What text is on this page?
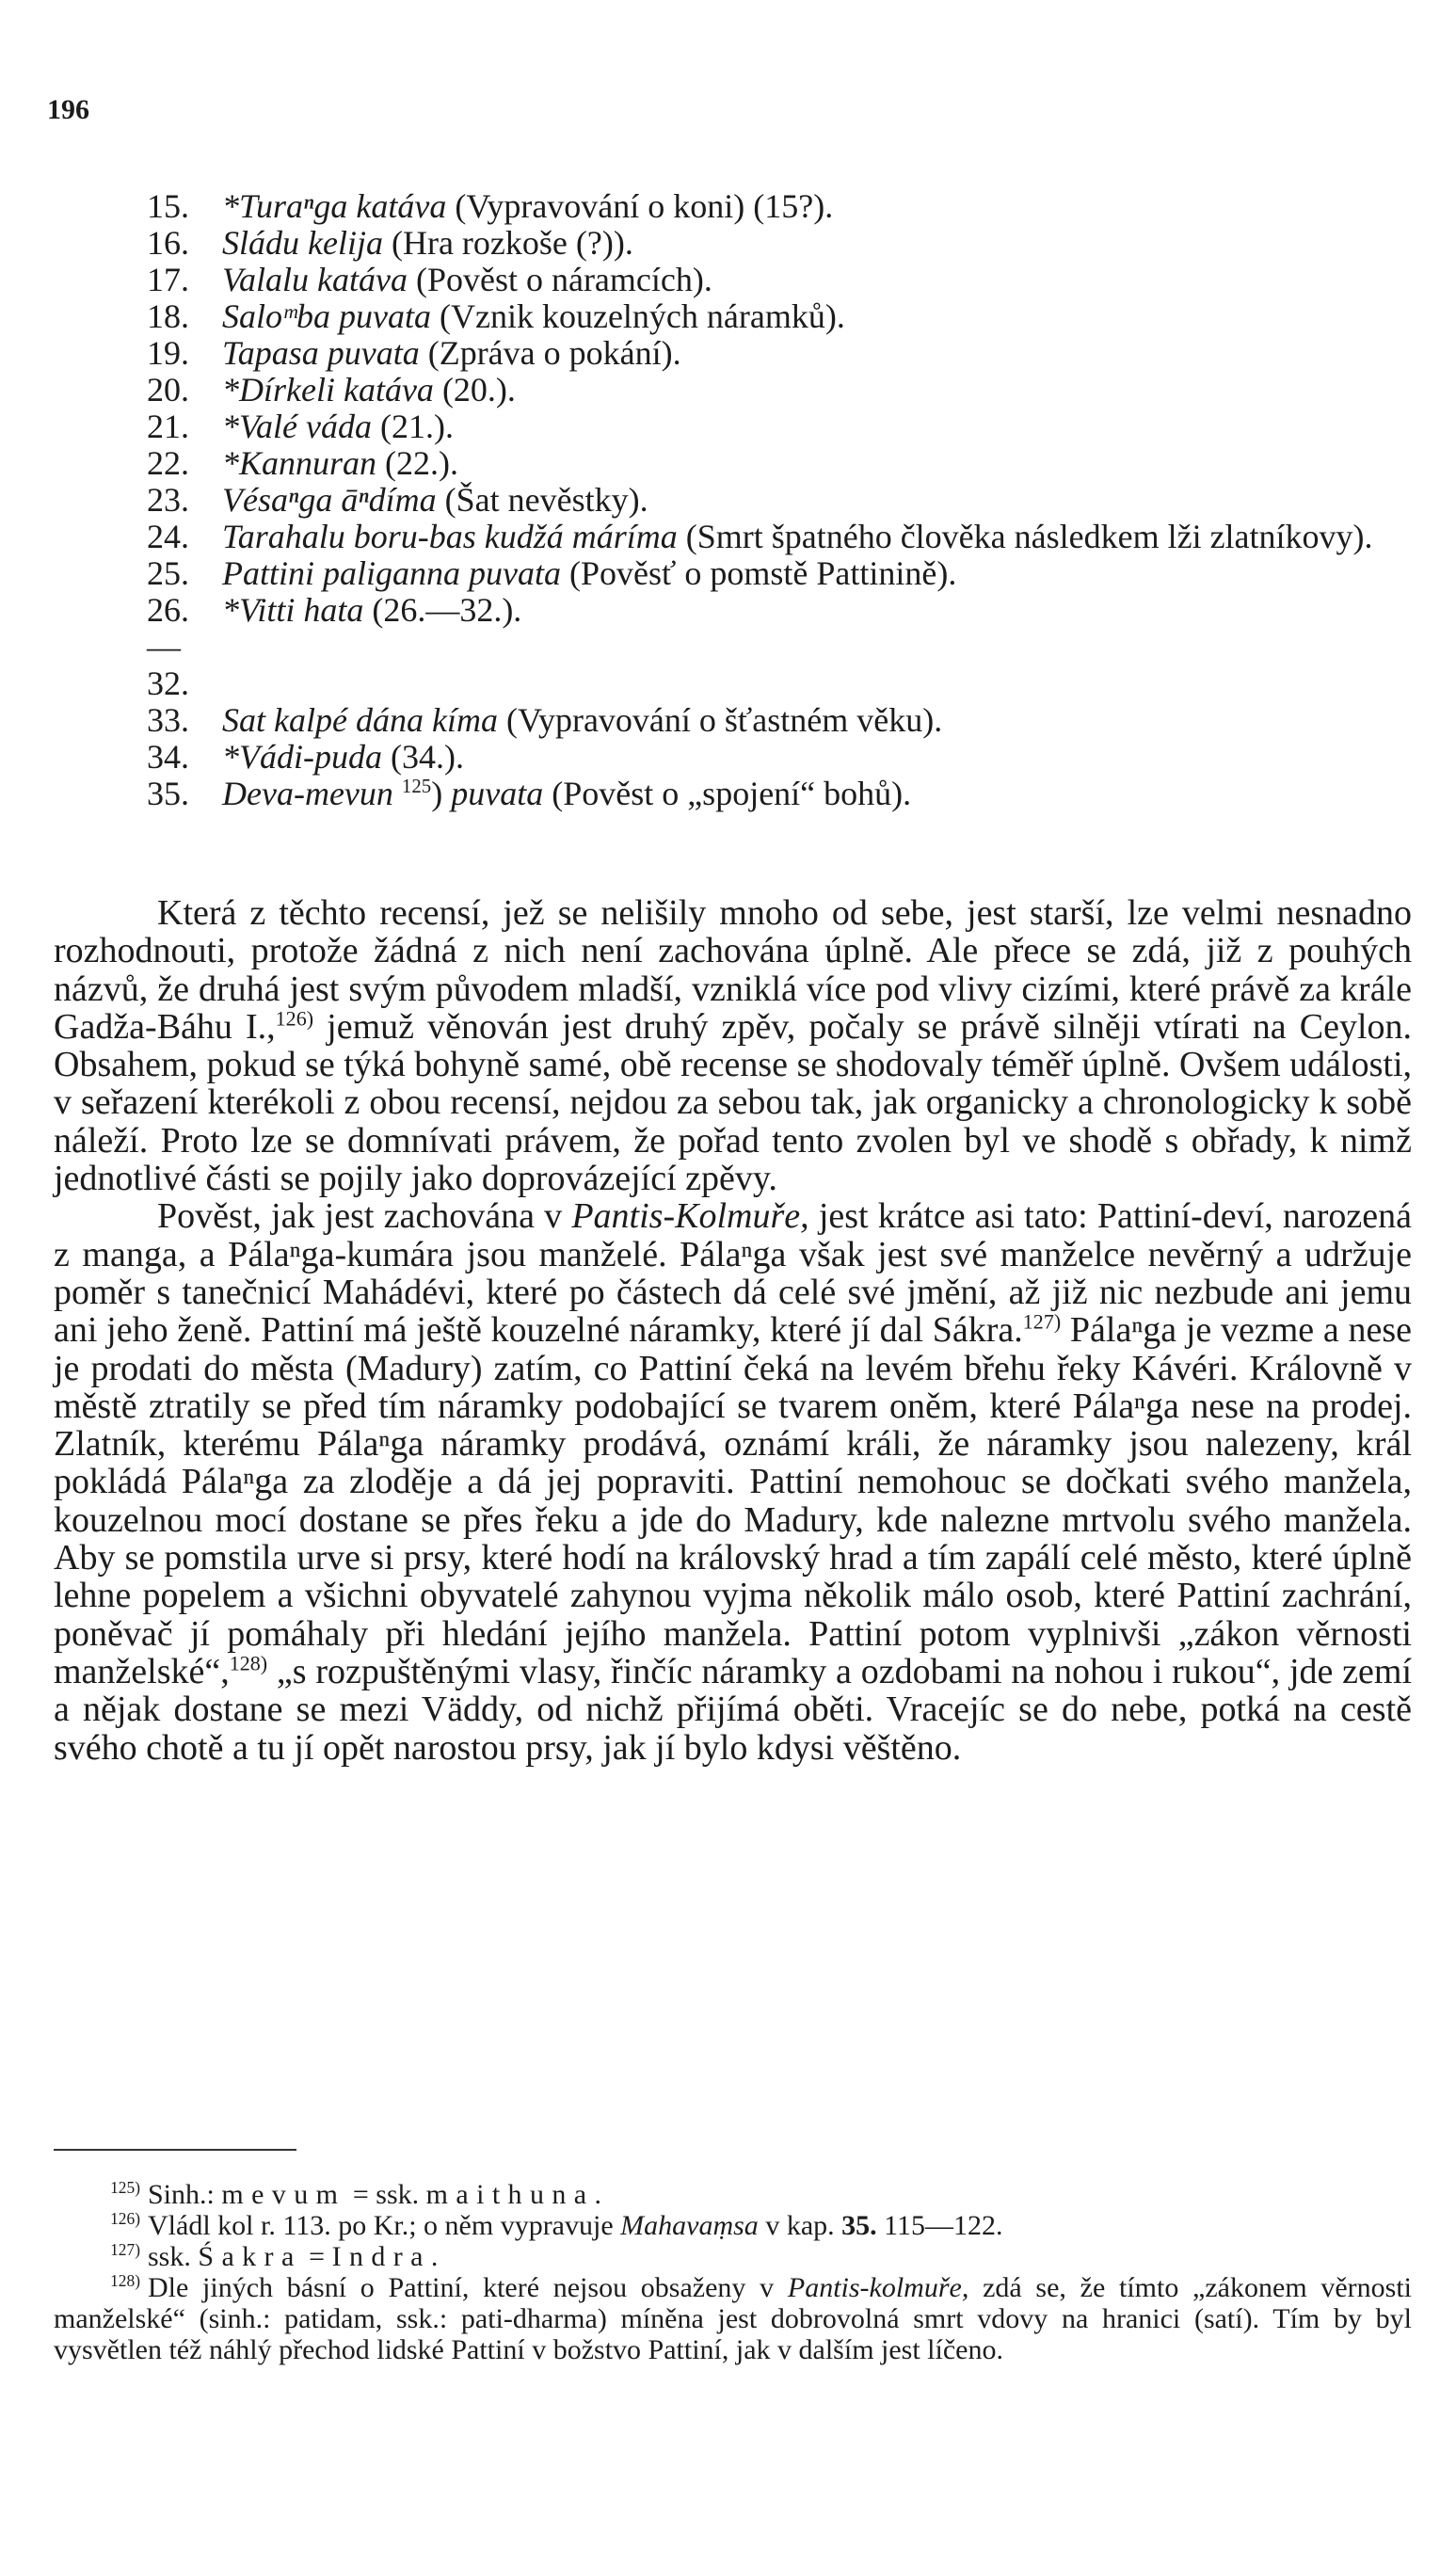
196
15. *Turaⁿga katáva (Vypravování o koni) (15?).
16. Sládu kelija (Hra rozkoše (?)).
17. Valalu katáva (Pověst o náramcích).
18. Saloᵐba puvata (Vznik kouzelných náramků).
19. Tapasa puvata (Zpráva o pokání).
20. *Dírkeli katáva (20.).
21. *Valé váda (21.).
22. *Kannuran (22.).
23. Vésaⁿga āⁿdíma (Šat nevěstky).
24. Tarahalu boru-bas kudžá máríma (Smrt špatného člověka následkem lži zlatníkovy).
25. Pattini paliganna puvata (Pověsť o pomstě Pattinině).
26.—32.
*Vitti hata (26.—32.).
33. Sat kalpé dána kíma (Vypravování o šťastném věku).
34. *Vádi-puda (34.).
35. Deva-mevun $^{125}$) puvata (Pověst o „spojení“ bohů).

Která z těchto recensí, jež se nelišily mnoho od sebe, jest starší, lze velmi nesnadno rozhodnouti, protože žádná z nich není zachována úplně. Ale přece se zdá, již z pouhých názvů, že druhá jest svým původem mladší, vzniklá více pod vlivy cizími, které právě za krále Gadža-Báhu I.,$^{126)}$ jemuž věnován jest druhý zpěv, počaly se právě silněji vtírati na Ceylon. Obsahem, pokud se týká bohyně samé, obě recense se shodovaly téměř úplně. Ovšem události, v seřazení kterékoli z obou recensí, nejdou za sebou tak, jak organicky a chronologicky k sobě náleží. Proto lze se domnívati právem, že pořad tento zvolen byl ve shodě s obřady, k nimž jednotlivé části se pojily jako doprovázející zpěvy.

Pověst, jak jest zachována v Pantis-Kolmuře, jest krátce asi tato: Pattiní-deví, narozená z manga, a Pálaⁿga-kumára jsou manželé. Pálaⁿga však jest své manželce nevěrný a udržuje poměr s tanečnicí Mahádévi, které po částech dá celé své jmění, až již nic nezbude ani jemu ani jeho ženě. Pattiní má ještě kouzelné náramky, které jí dal Sákra.$^{127)}$ Pálaⁿga je vezme a nese je prodati do města (Madury) zatím, co Pattiní čeká na levém břehu řeky Kávéri. Královně v městě ztratily se před tím náramky podobající se tvarem oněm, které Pálaⁿga nese na prodej. Zlatník, kterému Pálaⁿga náramky prodává, oznámí králi, že náramky jsou nalezeny, král pokládá Pálaⁿga za zloděje a dá jej popraviti. Pattiní nemohouc se dočkati svého manžela, kouzelnou mocí dostane se přes řeku a jde do Madury, kde nalezne mrtvolu svého manžela. Aby se pomstila urve si prsy, které hodí na královský hrad a tím zapálí celé město, které úplně lehne popelem a všichni obyvatelé zahynou vyjma několik málo osob, které Pattiní zachrání, poněvač jí pomáhaly při hledání jejího manžela. Pattiní potom vyplnivši „zákon věrnosti manželské“,$^{128)}$ „s rozpuštěnými vlasy, řinčíc náramky a ozdobami na nohou i rukou“, jde zemí a nějak dostane se mezi Väddy, od nichž přijímá oběti. Vracejíc se do nebe, potká na cestě svého chotě a tu jí opět narostou prsy, jak jí bylo kdysi věštěno.

$^{125)}$ Sinh.: mevum = ssk. maithuna.
$^{126)}$ Vládl kol r. 113. po Kr.; o něm vypravuje Mahavaṃsa v kap. 35. 115—122.
$^{127)}$ ssk. Śakra = Indra.
$^{128)}$ Dle jiných básní o Pattiní, které nejsou obsaženy v Pantis-kolmuře, zdá se, že tímto „zákonem věrnosti manželské“ (sinh.: patidam, ssk.: pati-dharma) míněna jest dobrovolná smrt vdovy na hranici (satí). Tím by byl vysvětlen též náhlý přechod lidské Pattiní v božstvo Pattiní, jak v dalším jest líčeno.
